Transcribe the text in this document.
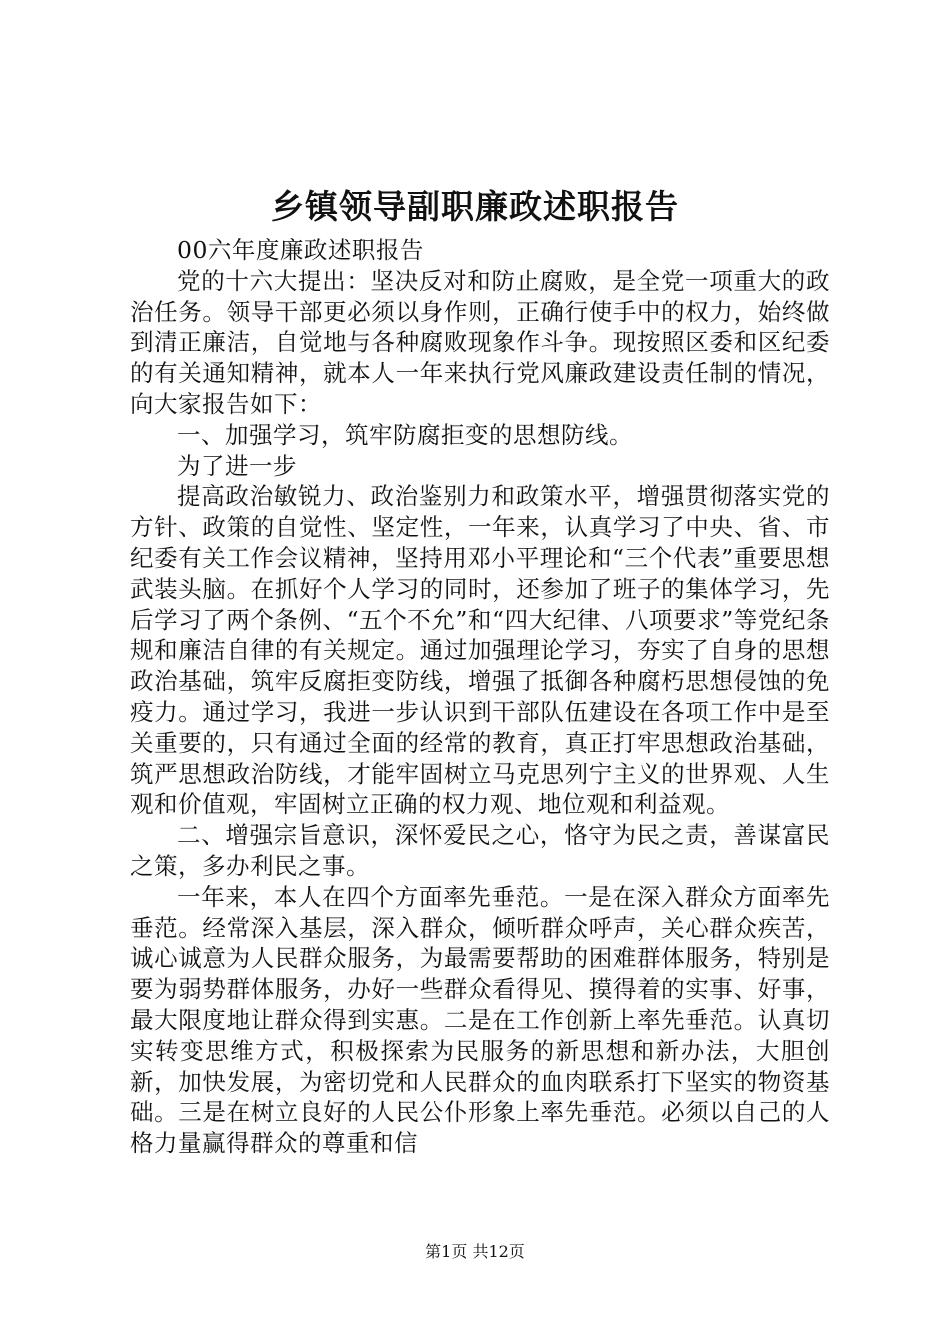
乡镇领导副职廉政述职报告

00六年度廉政述职报告

党的十六大提出：坚决反对和防止腐败，是全党一项重大的政治任务。领导干部更必须以身作则，正确行使手中的权力，始终做到清正廉洁，自觉地与各种腐败现象作斗争。现按照区委和区纪委的有关通知精神，就本人一年来执行党风廉政建设责任制的情况，向大家报告如下：

一、加强学习，筑牢防腐拒变的思想防线。

为了进一步

提高政治敏锐力、政治鉴别力和政策水平，增强贯彻落实党的方针、政策的自觉性、坚定性，一年来，认真学习了中央、省、市纪委有关工作会议精神，坚持用邓小平理论和“三个代表”重要思想武装头脑。在抓好个人学习的同时，还参加了班子的集体学习，先后学习了两个条例、“五个不允”和“四大纪律、八项要求”等党纪条规和廉洁自律的有关规定。通过加强理论学习，夯实了自身的思想政治基础，筑牢反腐拒变防线，增强了抵御各种腐朽思想侵蚀的免疫力。通过学习，我进一步认识到干部队伍建设在各项工作中是至关重要的，只有通过全面的经常的教育，真正打牢思想政治基础，筑严思想政治防线，才能牢固树立马克思列宁主义的世界观、人生观和价值观，牢固树立正确的权力观、地位观和利益观。

二、增强宗旨意识，深怀爱民之心，恪守为民之责，善谋富民之策，多办利民之事。

一年来，本人在四个方面率先垂范。一是在深入群众方面率先垂范。经常深入基层，深入群众，倾听群众呼声，关心群众疾苦，诚心诚意为人民群众服务，为最需要帮助的困难群体服务，特别是要为弱势群体服务，办好一些群众看得见、摸得着的实事、好事，最大限度地让群众得到实惠。二是在工作创新上率先垂范。认真切实转变思维方式，积极探索为民服务的新思想和新办法，大胆创新，加快发展，为密切党和人民群众的血肉联系打下坚实的物资基础。三是在树立良好的人民公仆形象上率先垂范。必须以自己的人格力量赢得群众的尊重和信

第1页 共12页
